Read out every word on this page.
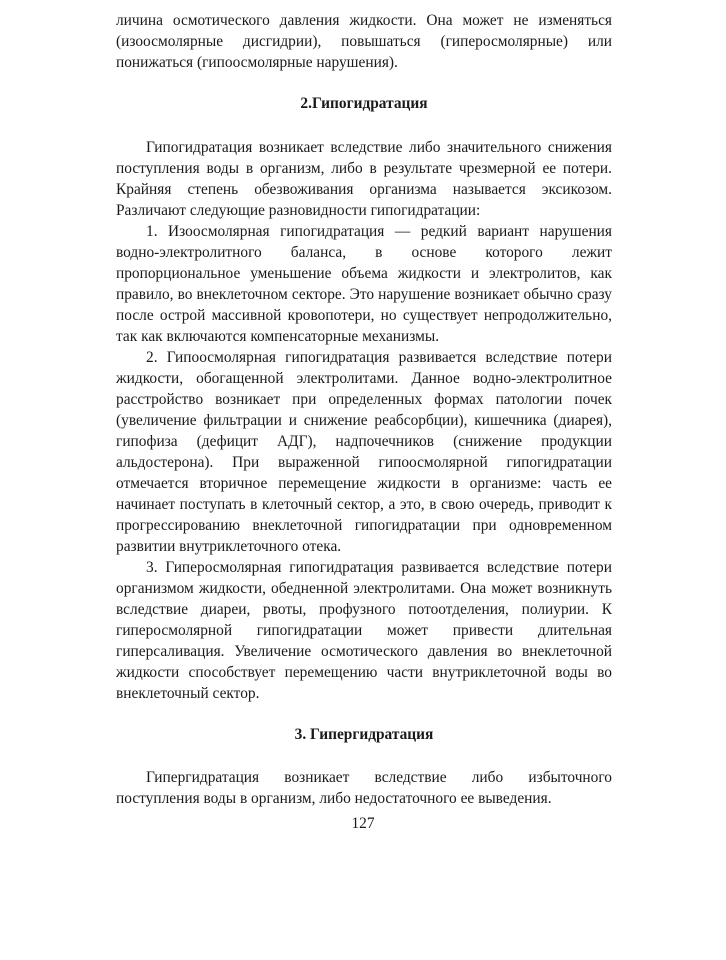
личина осмотического давления жидкости. Она может не изменяться (изоосмолярные дисгидрии), повышаться (гиперосмолярные) или понижаться (гипоосмолярные нарушения).

2.Гипогидратация

Гипогидратация возникает вследствие либо значительного снижения поступления воды в организм, либо в результате чрезмерной ее потери. Крайняя степень обезвоживания организма называется эксикозом. Различают следующие разновидности гипогидратации:

1. Изоосмолярная гипогидратация — редкий вариант нарушения водно-электролитного баланса, в основе которого лежит пропорциональное уменьшение объема жидкости и электролитов, как правило, во внеклеточном секторе. Это нарушение возникает обычно сразу после острой массивной кровопотери, но существует непродолжительно, так как включаются компенсаторные механизмы.

2. Гипоосмолярная гипогидратация развивается вследствие потери жидкости, обогащенной электролитами. Данное водно-электролитное расстройство возникает при определенных формах патологии почек (увеличение фильтрации и снижение реабсорбции), кишечника (диарея), гипофиза (дефицит АДГ), надпочечников (снижение продукции альдостерона). При выраженной гипоосмолярной гипогидратации отмечается вторичное перемещение жидкости в организме: часть ее начинает поступать в клеточный сектор, а это, в свою очередь, приводит к прогрессированию внеклеточной гипогидратации при одновременном развитии внутриклеточного отека.

3. Гиперосмолярная гипогидратация развивается вследствие потери организмом жидкости, обедненной электролитами. Она может возникнуть вследствие диареи, рвоты, профузного потоотделения, полиурии. К гиперосмолярной гипогидратации может привести длительная гиперсаливация. Увеличение осмотического давления во внеклеточной жидкости способствует перемещению части внутриклеточной воды во внеклеточный сектор.

3. Гипергидратация

Гипергидратация возникает вследствие либо избыточного поступления воды в организм, либо недостаточного ее выведения.

127
